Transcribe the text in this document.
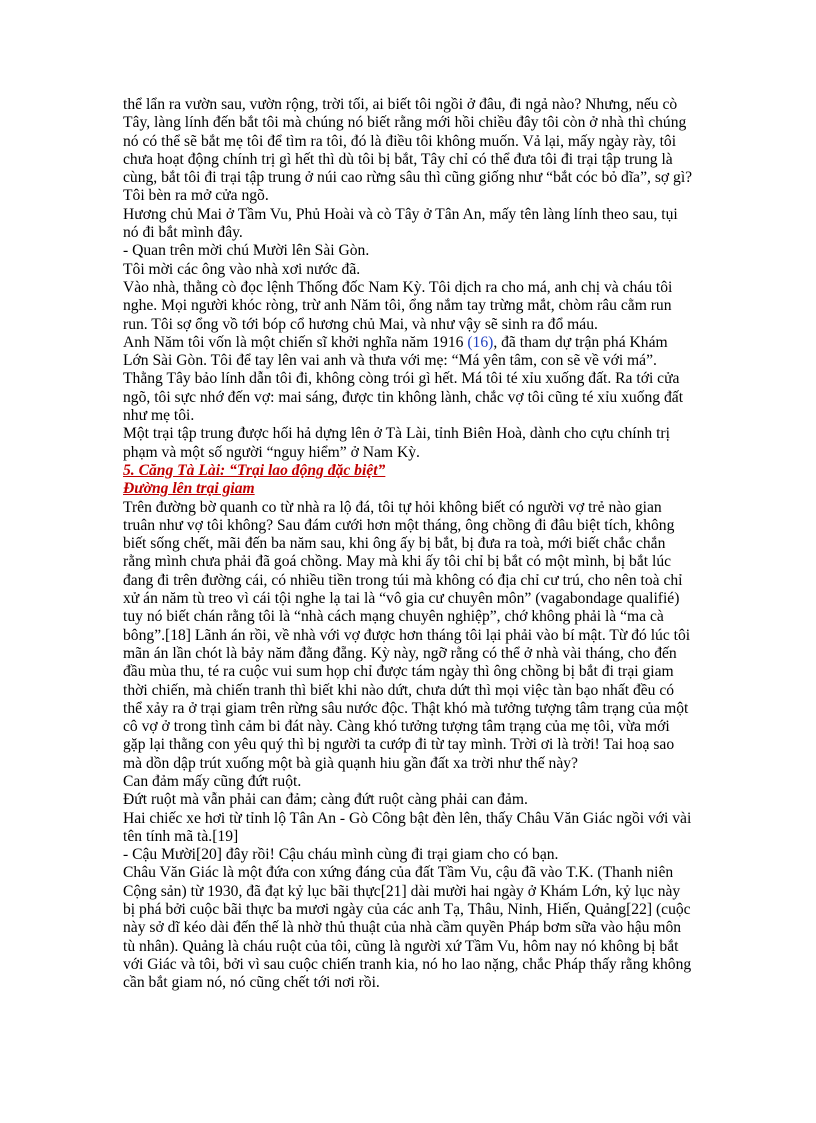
thể lẩn ra vườn sau, vườn rộng, trời tối, ai biết tôi ngồi ở đâu, đi ngả nào? Nhưng, nếu cò Tây, làng lính đến bắt tôi mà chúng nó biết rằng mới hồi chiều đây tôi còn ở nhà thì chúng nó có thể sẽ bắt mẹ tôi để tìm ra tôi, đó là điều tôi không muốn. Vả lại, mấy ngày rày, tôi chưa hoạt động chính trị gì hết thì dù tôi bị bắt, Tây chỉ có thể đưa tôi đi trại tập trung là cùng, bắt tôi đi trại tập trung ở núi cao rừng sâu thì cũng giống như “bắt cóc bỏ dĩa”, sợ gì? Tôi bèn ra mở cửa ngõ.

Hương chủ Mai ở Tầm Vu, Phủ Hoài và cò Tây ở Tân An, mấy tên làng lính theo sau, tụi nó đi bắt mình đây.

- Quan trên mời chú Mười lên Sài Gòn.

Tôi mời các ông vào nhà xơi nước đã.

Vào nhà, thằng cò đọc lệnh Thống đốc Nam Kỳ. Tôi dịch ra cho má, anh chị và cháu tôi nghe. Mọi người khóc ròng, trừ anh Năm tôi, ổng nắm tay trừng mắt, chòm râu cằm run run. Tôi sợ ổng vồ tới bóp cổ hương chủ Mai, và như vậy sẽ sinh ra đổ máu.

Anh Năm tôi vốn là một chiến sĩ khởi nghĩa năm 1916 (16), đã tham dự trận phá Khám Lớn Sài Gòn. Tôi để tay lên vai anh và thưa với mẹ: “Má yên tâm, con sẽ về với má”. Thằng Tây bảo lính dẫn tôi đi, không còng trói gì hết. Má tôi té xỉu xuống đất. Ra tới cửa ngõ, tôi sực nhớ đến vợ: mai sáng, được tin không lành, chắc vợ tôi cũng té xỉu xuống đất như mẹ tôi.

Một trại tập trung được hối hả dựng lên ở Tà Lài, tỉnh Biên Hoà, dành cho cựu chính trị phạm và một số người “nguy hiểm” ở Nam Kỳ.

5. Căng Tà Lài: “Trại lao động đặc biệt”

Đường lên trại giam

Trên đường bờ quanh co từ nhà ra lộ đá, tôi tự hỏi không biết có người vợ trẻ nào gian truân như vợ tôi không? Sau đám cưới hơn một tháng, ông chồng đi đâu biệt tích, không biết sống chết, mãi đến ba năm sau, khi ông ấy bị bắt, bị đưa ra toà, mới biết chắc chắn rằng mình chưa phải đã goá chồng. May mà khi ấy tôi chỉ bị bắt có một mình, bị bắt lúc đang đi trên đường cái, có nhiều tiền trong túi mà không có địa chỉ cư trú, cho nên toà chỉ xử án năm tù treo vì cái tội nghe lạ tai là “vô gia cư chuyên môn” (vagabondage qualifié) tuy nó biết chán rằng tôi là “nhà cách mạng chuyên nghiệp”, chớ không phải là “ma cà bông”.[18] Lãnh án rồi, về nhà với vợ được hơn tháng tôi lại phải vào bí mật. Từ đó lúc tôi mãn án lần chót là bảy năm đằng đẵng. Kỳ này, ngỡ rằng có thể ở nhà vài tháng, cho đến đầu mùa thu, té ra cuộc vui sum họp chỉ được tám ngày thì ông chồng bị bắt đi trại giam thời chiến, mà chiến tranh thì biết khi nào dứt, chưa dứt thì mọi việc tàn bạo nhất đều có thể xảy ra ở trại giam trên rừng sâu nước độc. Thật khó mà tưởng tượng tâm trạng của một cô vợ ở trong tình cảm bi đát này. Càng khó tưởng tượng tâm trạng của mẹ tôi, vừa mới gặp lại thằng con yêu quý thì bị người ta cướp đi từ tay mình. Trời ơi là trời! Tai hoạ sao mà dồn dập trút xuống một bà già quạnh hiu gần đất xa trời như thế này?

Can đảm mấy cũng đứt ruột.

Đứt ruột mà vẫn phải can đảm; càng đứt ruột càng phải can đảm.

Hai chiếc xe hơi từ tỉnh lộ Tân An - Gò Công bật đèn lên, thấy Châu Văn Giác ngồi với vài tên tính mã tà.[19]

- Cậu Mười[20] đây rồi! Cậu cháu mình cùng đi trại giam cho có bạn.

Châu Văn Giác là một đứa con xứng đáng của đất Tầm Vu, cậu đã vào T.K. (Thanh niên Cộng sản) từ 1930, đã đạt kỷ lục bãi thực[21] dài mười hai ngày ở Khám Lớn, kỷ lục này bị phá bởi cuộc bãi thực ba mươi ngày của các anh Tạ, Thâu, Ninh, Hiến, Quảng[22] (cuộc này sở dĩ kéo dài đến thế là nhờ thủ thuật của nhà cầm quyền Pháp bơm sữa vào hậu môn tù nhân). Quảng là cháu ruột của tôi, cũng là người xứ Tầm Vu, hôm nay nó không bị bắt với Giác và tôi, bởi vì sau cuộc chiến tranh kia, nó ho lao nặng, chắc Pháp thấy rằng không cần bắt giam nó, nó cũng chết tới nơi rồi.
